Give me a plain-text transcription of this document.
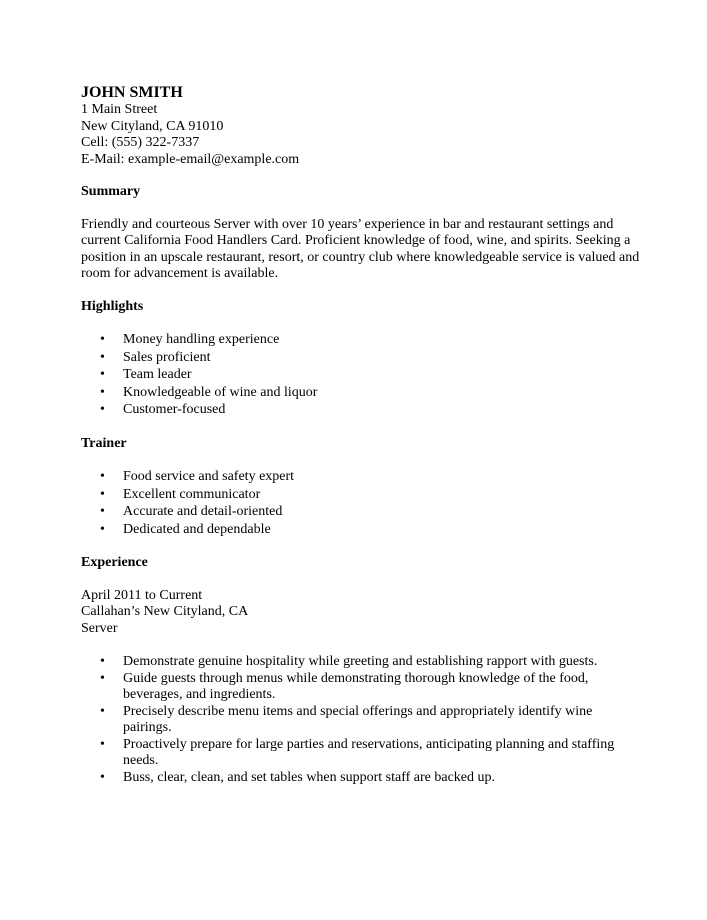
JOHN SMITH
1 Main Street
New Cityland, CA 91010
Cell: (555) 322-7337
E-Mail: example-email@example.com
Summary
Friendly and courteous Server with over 10 years’ experience in bar and restaurant settings and current California Food Handlers Card. Proficient knowledge of food, wine, and spirits. Seeking a position in an upscale restaurant, resort, or country club where knowledgeable service is valued and room for advancement is available.
Highlights
• Money handling experience
• Sales proficient
• Team leader
• Knowledgeable of wine and liquor
• Customer-focused
Trainer
• Food service and safety expert
• Excellent communicator
• Accurate and detail-oriented
• Dedicated and dependable
Experience
April 2011 to Current
Callahan’s New Cityland, CA
Server
• Demonstrate genuine hospitality while greeting and establishing rapport with guests.
• Guide guests through menus while demonstrating thorough knowledge of the food, beverages, and ingredients.
• Precisely describe menu items and special offerings and appropriately identify wine pairings.
• Proactively prepare for large parties and reservations, anticipating planning and staffing needs.
• Buss, clear, clean, and set tables when support staff are backed up.
